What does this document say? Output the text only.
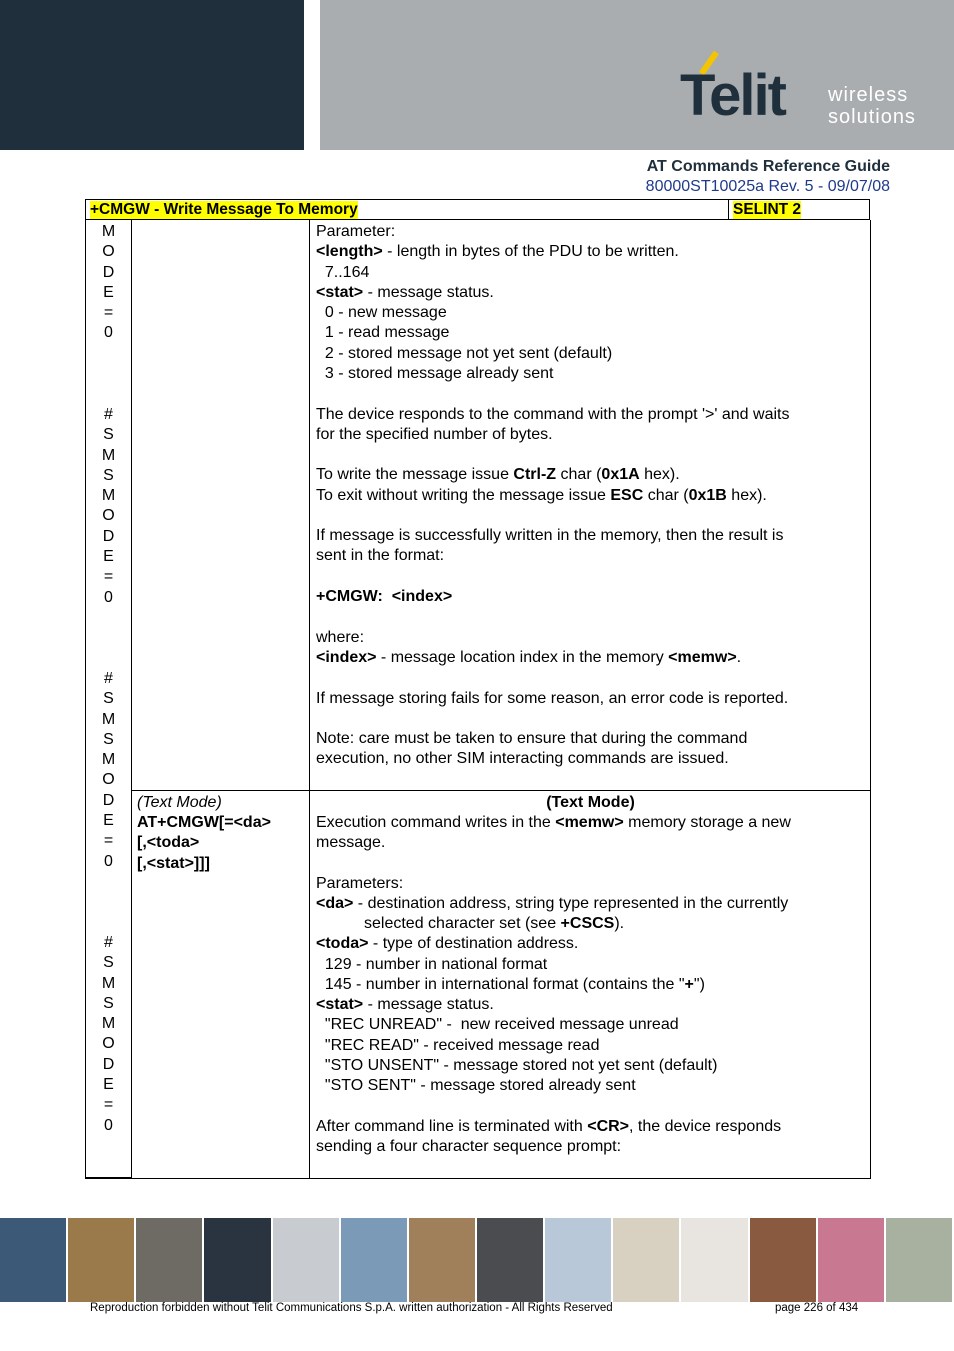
Telit wireless
solutions
AT Commands Reference Guide
80000ST10025a Rev. 5 - 09/07/08
+CMGW - Write Message To Memory	SELINT 2
M
O
D
E
=
0
#
S
M
S
M
O
D
E
=
0
#
S
M
S
M
O
D
E
=
0
#
S
M
S
M
O
D
E
=
0
Parameter:
<length> - length in bytes of the PDU to be written.
7..164
<stat> - message status.
0 - new message
1 - read message
2 - stored message not yet sent (default)
3 - stored message already sent
The device responds to the command with the prompt '>' and waits
for the specified number of bytes.
To write the message issue Ctrl-Z char (0x1A hex).
To exit without writing the message issue ESC char (0x1B hex).
If message is successfully written in the memory, then the result is
sent in the format:
+CMGW:  <index>
where:
<index> - message location index in the memory <memw>.
If message storing fails for some reason, an error code is reported.
Note: care must be taken to ensure that during the command
execution, no other SIM interacting commands are issued.
(Text Mode)
AT+CMGW[=<da>
[,<toda>
[,<stat>]]]
(Text Mode)
Execution command writes in the <memw> memory storage a new
message.
Parameters:
<da> - destination address, string type represented in the currently
selected character set (see +CSCS).
<toda> - type of destination address.
129 - number in national format
145 - number in international format (contains the "+")
<stat> - message status.
"REC UNREAD" -  new received message unread
"REC READ" - received message read
"STO UNSENT" - message stored not yet sent (default)
"STO SENT" - message stored already sent
After command line is terminated with <CR>, the device responds
sending a four character sequence prompt:
Reproduction forbidden without Telit Communications S.p.A. written authorization - All Rights Reserved	page 226 of 434
